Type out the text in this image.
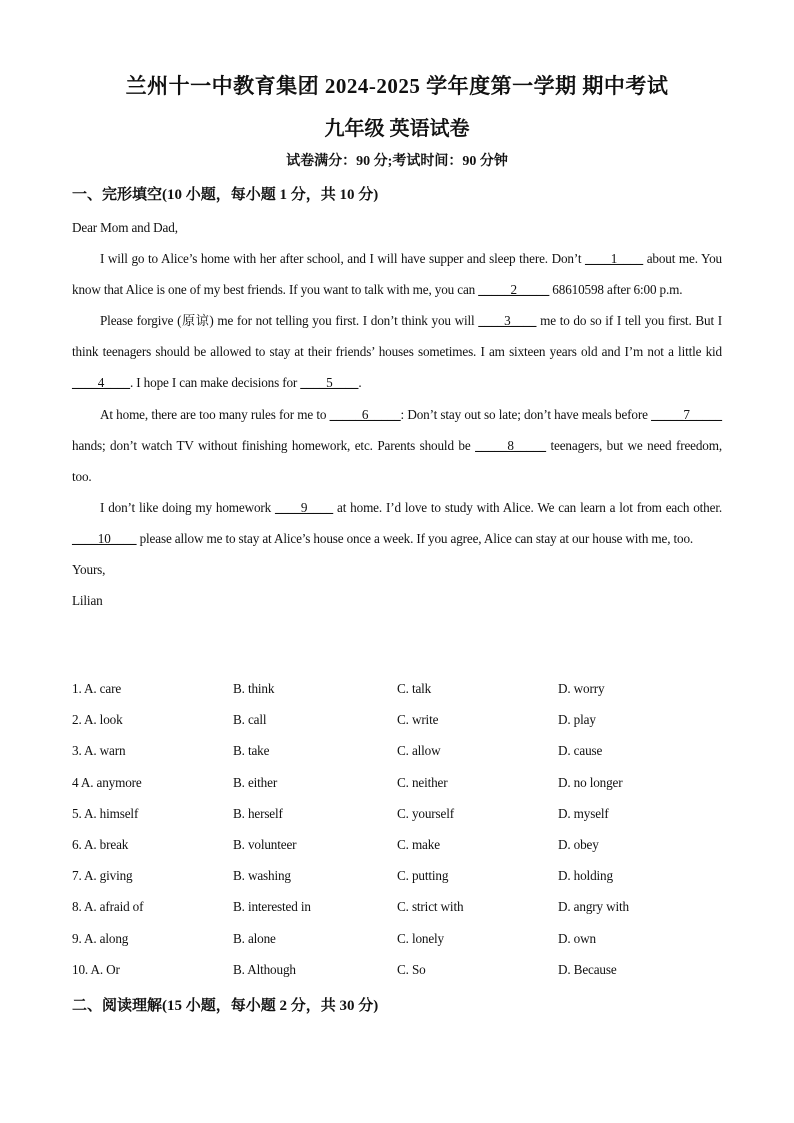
兰州十一中教育集团 2024-2025 学年度第一学期 期中考试
九年级 英语试卷
试卷满分：90 分;考试时间：90 分钟
一、完形填空(10 小题，每小题 1 分，共 10 分)

Dear Mom and Dad,

I will go to Alice’s home with her after school, and I will have supper and sleep there. Don’t ____1____ about me. You know that Alice is one of my best friends. If you want to talk with me, you can _____2_____ 68610598 after 6:00 p.m.

Please forgive (原谅) me for not telling you first. I don’t think you will ____3____ me to do so if I tell you first. But I think teenagers should be allowed to stay at their friends’ houses sometimes. I am sixteen years old and I’m not a little kid ____4____. I hope I can make decisions for ____5____.

At home, there are too many rules for me to _____6_____: Don’t stay out so late; don’t have meals before _____7_____ hands; don’t watch TV without finishing homework, etc. Parents should be _____8_____ teenagers, but we need freedom, too.

I don’t like doing my homework ____9____ at home. I’d love to study with Alice. We can learn a lot from each other. ____10____ please allow me to stay at Alice’s house once a week. If you agree, Alice can stay at our house with me, too.

Yours,

Lilian

1. A. care	B. think	C. talk	D. worry
2. A. look	B. call	C. write	D. play
3. A. warn	B. take	C. allow	D. cause
4 A. anymore	B. either	C. neither	D. no longer
5. A. himself	B. herself	C. yourself	D. myself
6. A. break	B. volunteer	C. make	D. obey
7. A. giving	B. washing	C. putting	D. holding
8. A. afraid of	B. interested in	C. strict with	D. angry with
9. A. along	B. alone	C. lonely	D. own
10. A. Or	B. Although	C. So	D. Because
二、阅读理解(15 小题，每小题 2 分，共 30 分)
